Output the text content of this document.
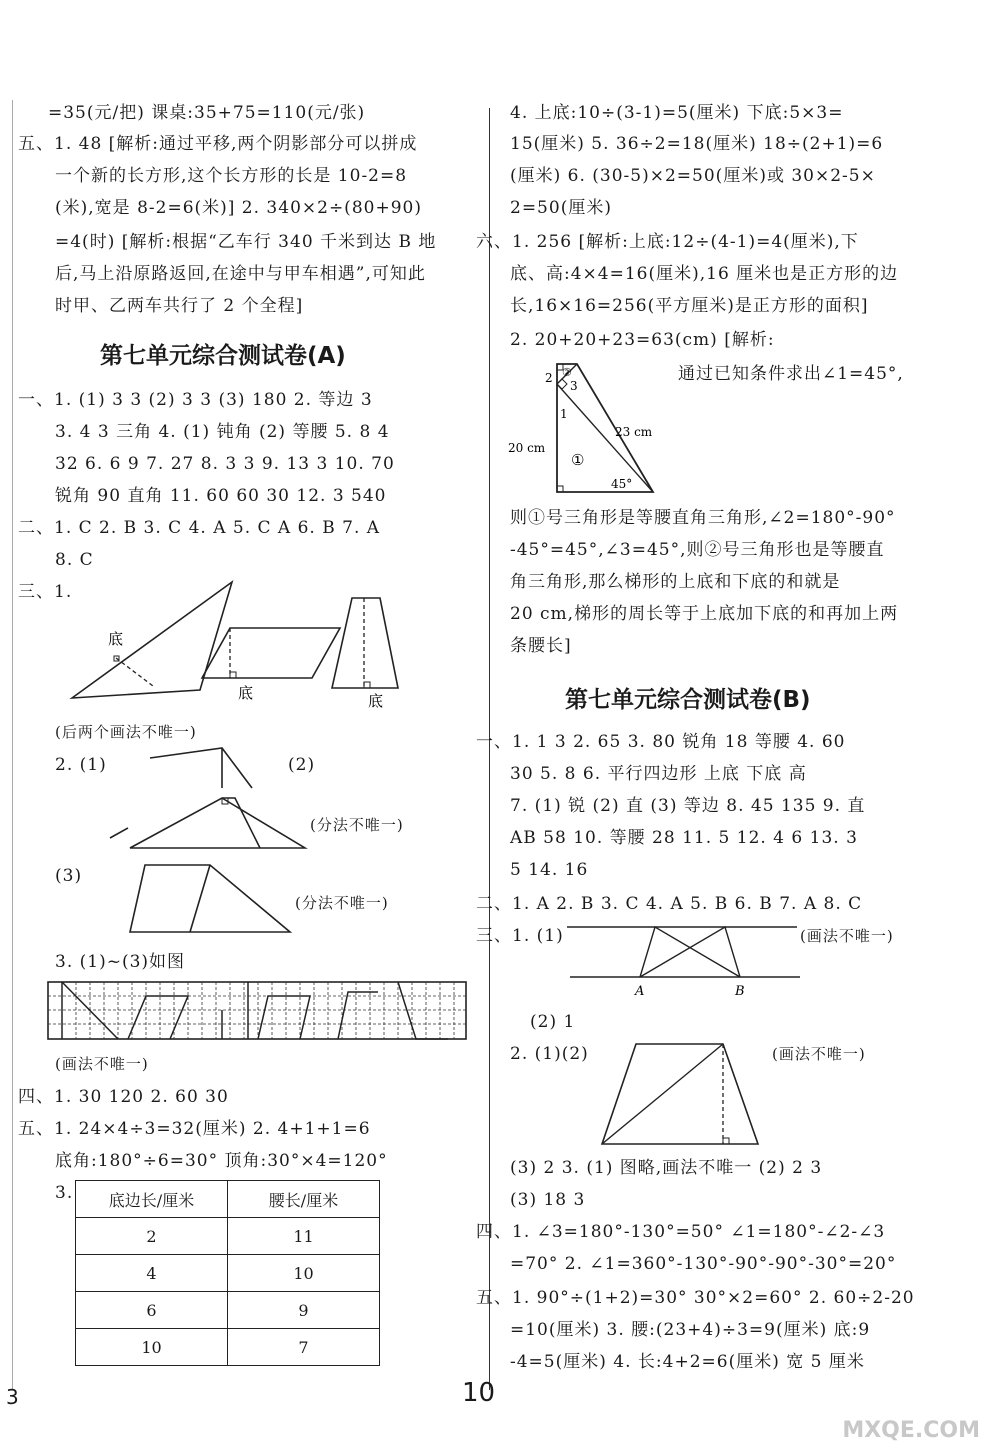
=35(元/把) 课桌:35+75=110(元/张)
五、1. 48 [解析:通过平移,两个阴影部分可以拼成
一个新的长方形,这个长方形的长是 10-2=8
(米),宽是 8-2=6(米)] 2. 340×2÷(80+90)
=4(时) [解析:根据“乙车行 340 千米到达 B 地
后,马上沿原路返回,在途中与甲车相遇”,可知此
时甲、乙两车共行了 2 个全程]
第七单元综合测试卷(A)
一、1. (1) 3 3 (2) 3 3 (3) 180 2. 等边 3
3. 4 3 三角 4. (1) 钝角 (2) 等腰 5. 8 4
32 6. 6 9 7. 27 8. 3 3 9. 13 3 10. 70
锐角 90 直角 11. 60 60 30 12. 3 540
二、1. C 2. B 3. C 4. A 5. C A 6. B 7. A
8. C
三、1.
底
底	底
(后两个画法不唯一)
2. (1)	(2)
(分法不唯一)
(3)
(分法不唯一)
3. (1)~(3)如图
(画法不唯一)
四、1. 30 120 2. 60 30
五、1. 24×4÷3=32(厘米) 2. 4+1+1=6
底角:180°÷6=30° 顶角:30°×4=120°
3. 底边长/厘米	腰长/厘米
2	11
4	10
6	9
10	7
4. 上底:10÷(3-1)=5(厘米) 下底:5×3=
15(厘米) 5. 36÷2=18(厘米) 18÷(2+1)=6
(厘米) 6. (30-5)×2=50(厘米)或 30×2-5×
2=50(厘米)
六、1. 256 [解析:上底:12÷(4-1)=4(厘米),下
底、高:4×4=16(厘米),16 厘米也是正方形的边
长,16×16=256(平方厘米)是正方形的面积]
2. 20+20+23=63(cm) [解析:
通过已知条件求出∠1=45°,
②
2
3
1
23 cm
20 cm
①
45°
则①号三角形是等腰直角三角形,∠2=180°-90°
-45°=45°,∠3=45°,则②号三角形也是等腰直
角三角形,那么梯形的上底和下底的和就是
20 cm,梯形的周长等于上底加下底的和再加上两
条腰长]
第七单元综合测试卷(B)
一、1. 1 3 2. 65 3. 80 锐角 18 等腰 4. 60
30 5. 8 6. 平行四边形 上底 下底 高
7. (1) 锐 (2) 直 (3) 等边 8. 45 135 9. 直
AB 58 10. 等腰 28 11. 5 12. 4 6 13. 3
5 14. 16
二、1. A 2. B 3. C 4. A 5. B 6. B 7. A 8. C
三、1. (1)	(画法不唯一)
A	B
(2) 1
2. (1)(2)	(画法不唯一)
(3) 2 3. (1) 图略,画法不唯一 (2) 2 3
(3) 18 3
四、1. ∠3=180°-130°=50° ∠1=180°-∠2-∠3
=70° 2. ∠1=360°-130°-90°-90°-30°=20°
五、1. 90°÷(1+2)=30° 30°×2=60° 2. 60÷2-20
=10(厘米) 3. 腰:(23+4)÷3=9(厘米) 底:9
-4=5(厘米) 4. 长:4+2=6(厘米) 宽 5 厘米
3	10
MXQE.COM
